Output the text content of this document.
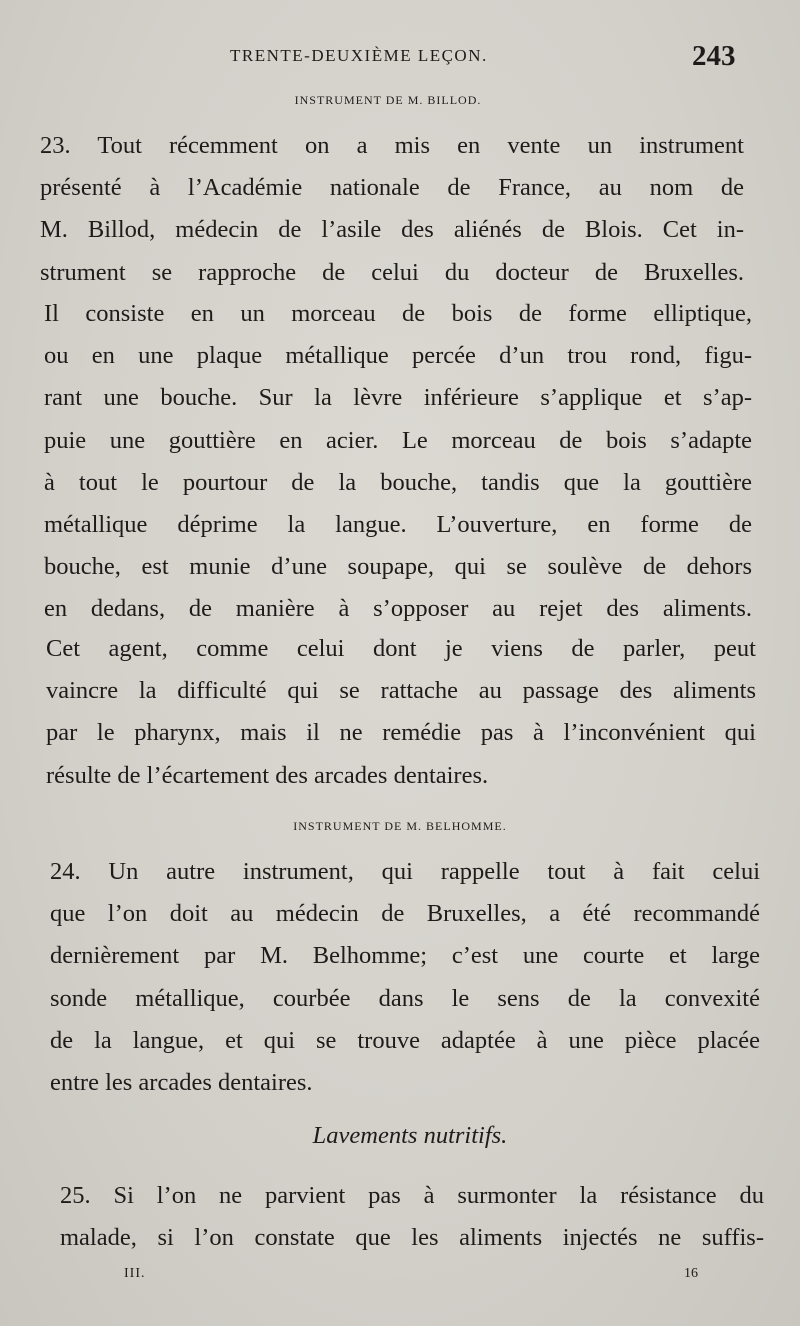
TRENTE-DEUXIÈME LEÇON.	243
INSTRUMENT DE M. BILLOD.
23. Tout récemment on a mis en vente un instrument
présenté à l’Académie nationale de France, au nom de
M. Billod, médecin de l’asile des aliénés de Blois. Cet in-
strument se rapproche de celui du docteur de Bruxelles.
Il consiste en un morceau de bois de forme elliptique,
ou en une plaque métallique percée d’un trou rond, figu-
rant une bouche. Sur la lèvre inférieure s’applique et s’ap-
puie une gouttière en acier. Le morceau de bois s’adapte
à tout le pourtour de la bouche, tandis que la gouttière
métallique déprime la langue. L’ouverture, en forme de
bouche, est munie d’une soupape, qui se soulève de dehors
en dedans, de manière à s’opposer au rejet des aliments.
Cet agent, comme celui dont je viens de parler, peut
vaincre la difficulté qui se rattache au passage des aliments
par le pharynx, mais il ne remédie pas à l’inconvénient qui
résulte de l’écartement des arcades dentaires.
INSTRUMENT DE M. BELHOMME.
24. Un autre instrument, qui rappelle tout à fait celui
que l’on doit au médecin de Bruxelles, a été recommandé
dernièrement par M. Belhomme; c’est une courte et large
sonde métallique, courbée dans le sens de la convexité
de la langue, et qui se trouve adaptée à une pièce placée
entre les arcades dentaires.
Lavements nutritifs.
25. Si l’on ne parvient pas à surmonter la résistance du
malade, si l’on constate que les aliments injectés ne suffis-
III.	16
